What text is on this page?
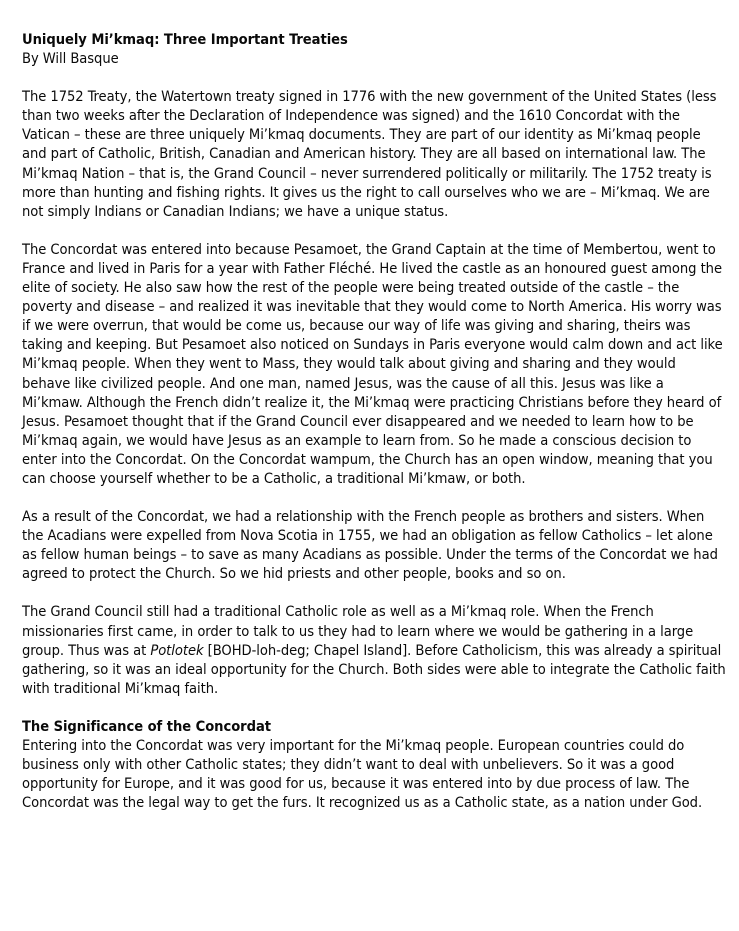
Uniquely Mi’kmaq: Three Important Treaties
By Will Basque

The 1752 Treaty, the Watertown treaty signed in 1776 with the new government of the United States (less than two weeks after the Declaration of Independence was signed) and the 1610 Concordat with the Vatican – these are three uniquely Mi’kmaq documents. They are part of our identity as Mi’kmaq people and part of Catholic, British, Canadian and American history. They are all based on international law. The Mi’kmaq Nation – that is, the Grand Council – never surrendered politically or militarily. The 1752 treaty is more than hunting and fishing rights. It gives us the right to call ourselves who we are – Mi’kmaq. We are not simply Indians or Canadian Indians; we have a unique status.

The Concordat was entered into because Pesamoet, the Grand Captain at the time of Membertou, went to France and lived in Paris for a year with Father Fléché. He lived the castle as an honoured guest among the elite of society. He also saw how the rest of the people were being treated outside of the castle – the poverty and disease – and realized it was inevitable that they would come to North America. His worry was if we were overrun, that would be come us, because our way of life was giving and sharing, theirs was taking and keeping. But Pesamoet also noticed on Sundays in Paris everyone would calm down and act like Mi’kmaq people. When they went to Mass, they would talk about giving and sharing and they would behave like civilized people. And one man, named Jesus, was the cause of all this. Jesus was like a Mi’kmaw. Although the French didn’t realize it, the Mi’kmaq were practicing Christians before they heard of Jesus. Pesamoet thought that if the Grand Council ever disappeared and we needed to learn how to be Mi’kmaq again, we would have Jesus as an example to learn from. So he made a conscious decision to enter into the Concordat. On the Concordat wampum, the Church has an open window, meaning that you can choose yourself whether to be a Catholic, a traditional Mi’kmaw, or both.

As a result of the Concordat, we had a relationship with the French people as brothers and sisters. When the Acadians were expelled from Nova Scotia in 1755, we had an obligation as fellow Catholics – let alone as fellow human beings – to save as many Acadians as possible. Under the terms of the Concordat we had agreed to protect the Church. So we hid priests and other people, books and so on.

The Grand Council still had a traditional Catholic role as well as a Mi’kmaq role. When the French missionaries first came, in order to talk to us they had to learn where we would be gathering in a large group. Thus was at Potlotek [BOHD-loh-deg; Chapel Island]. Before Catholicism, this was already a spiritual gathering, so it was an ideal opportunity for the Church. Both sides were able to integrate the Catholic faith with traditional Mi’kmaq faith.

The Significance of the Concordat

Entering into the Concordat was very important for the Mi’kmaq people. European countries could do business only with other Catholic states; they didn’t want to deal with unbelievers. So it was a good opportunity for Europe, and it was good for us, because it was entered into by due process of law. The Concordat was the legal way to get the furs. It recognized us as a Catholic state, as a nation under God.
